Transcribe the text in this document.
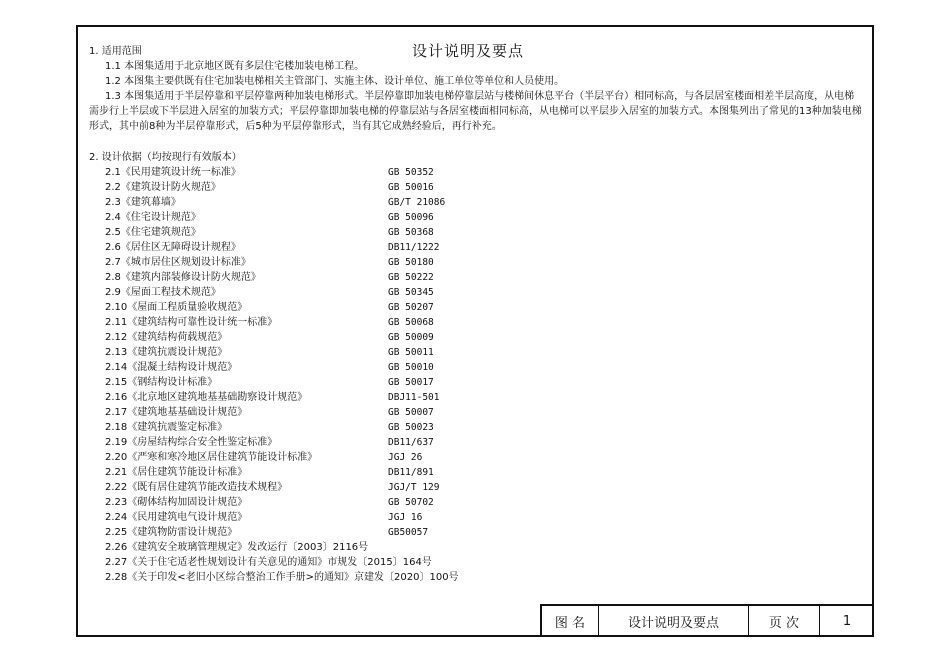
设计说明及要点
1. 适用范围
1.1 本图集适用于北京地区既有多层住宅楼加装电梯工程。
1.2 本图集主要供既有住宅加装电梯相关主管部门、实施主体、设计单位、施工单位等单位和人员使用。
1.3 本图集适用于半层停靠和平层停靠两种加装电梯形式。半层停靠即加装电梯停靠层站与楼梯间休息平台（半层平台）相同标高，与各层居室楼面相差半层高度，从电梯需步行上半层或下半层进入居室的加装方式；平层停靠即加装电梯的停靠层站与各居室楼面相同标高，从电梯可以平层步入居室的加装方式。本图集列出了常见的13种加装电梯形式，其中前8种为半层停靠形式，后5种为平层停靠形式，当有其它成熟经验后，再行补充。
2. 设计依据（均按现行有效版本）
2.1《民用建筑设计统一标准》	GB 50352
2.2《建筑设计防火规范》	GB 50016
2.3《建筑幕墙》	GB/T 21086
2.4《住宅设计规范》	GB 50096
2.5《住宅建筑规范》	GB 50368
2.6《居住区无障碍设计规程》	DB11/1222
2.7《城市居住区规划设计标准》	GB 50180
2.8《建筑内部装修设计防火规范》	GB 50222
2.9《屋面工程技术规范》	GB 50345
2.10《屋面工程质量验收规范》	GB 50207
2.11《建筑结构可靠性设计统一标准》	GB 50068
2.12《建筑结构荷载规范》	GB 50009
2.13《建筑抗震设计规范》	GB 50011
2.14《混凝土结构设计规范》	GB 50010
2.15《钢结构设计标准》	GB 50017
2.16《北京地区建筑地基基础勘察设计规范》	DBJ11-501
2.17《建筑地基基础设计规范》	GB 50007
2.18《建筑抗震鉴定标准》	GB 50023
2.19《房屋结构综合安全性鉴定标准》	DB11/637
2.20《严寒和寒冷地区居住建筑节能设计标准》	JGJ 26
2.21《居住建筑节能设计标准》	DB11/891
2.22《既有居住建筑节能改造技术规程》	JGJ/T 129
2.23《砌体结构加固设计规范》	GB 50702
2.24《民用建筑电气设计规范》	JGJ 16
2.25《建筑物防雷设计规范》	GB50057
2.26《建筑安全玻璃管理规定》发改运行〔2003〕2116号
2.27《关于住宅适老性规划设计有关意见的通知》市规发〔2015〕164号
2.28《关于印发<老旧小区综合整治工作手册>的通知》京建发〔2020〕100号
图 名	设计说明及要点	页 次	1
